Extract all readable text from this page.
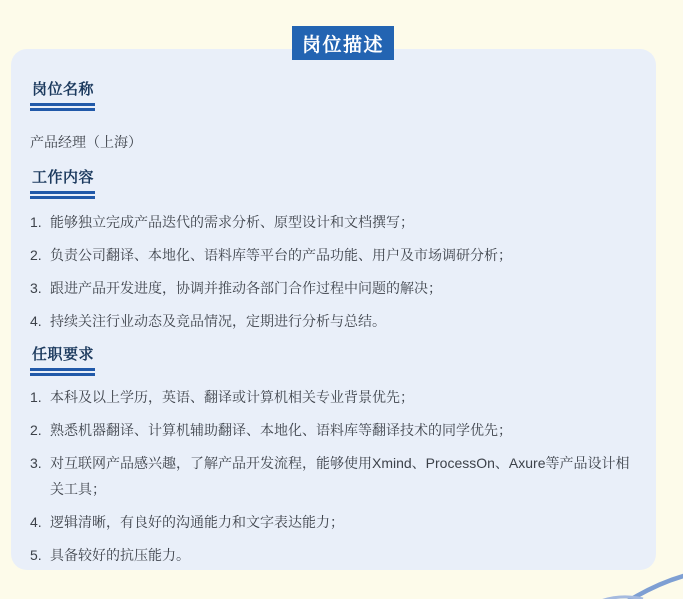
岗位描述
岗位名称
产品经理（上海）
工作内容
1. 能够独立完成产品迭代的需求分析、原型设计和文档撰写；
2. 负责公司翻译、本地化、语料库等平台的产品功能、用户及市场调研分析；
3. 跟进产品开发进度，协调并推动各部门合作过程中问题的解决；
4. 持续关注行业动态及竞品情况，定期进行分析与总结。
任职要求
1. 本科及以上学历，英语、翻译或计算机相关专业背景优先；
2. 熟悉机器翻译、计算机辅助翻译、本地化、语料库等翻译技术的同学优先；
3. 对互联网产品感兴趣，了解产品开发流程，能够使用Xmind、ProcessOn、Axure等产品设计相关工具；
4. 逻辑清晰，有良好的沟通能力和文字表达能力；
5. 具备较好的抗压能力。
